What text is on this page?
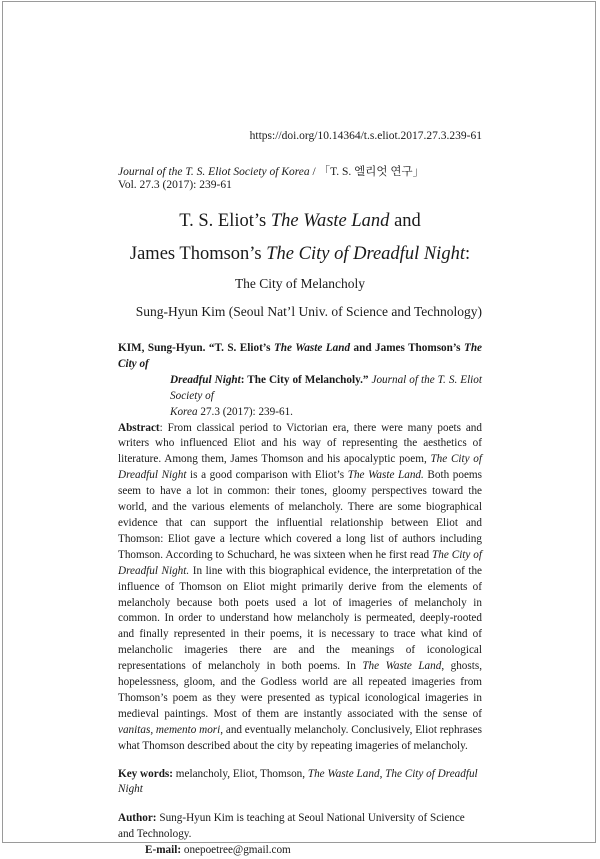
https://doi.org/10.14364/t.s.eliot.2017.27.3.239-61
Journal of the T. S. Eliot Society of Korea / 「T. S. 엘리엇 연구」
Vol. 27.3 (2017): 239-61
T. S. Eliot’s The Waste Land and
James Thomson’s The City of Dreadful Night:
The City of Melancholy
Sung-Hyun Kim (Seoul Nat’l Univ. of Science and Technology)
KIM, Sung-Hyun. “T. S. Eliot’s The Waste Land and James Thomson’s The City of
Dreadful Night: The City of Melancholy.” Journal of the T. S. Eliot Society of
Korea 27.3 (2017): 239-61.
Abstract: From classical period to Victorian era, there were many poets and writers who influenced Eliot and his way of representing the aesthetics of literature. Among them, James Thomson and his apocalyptic poem, The City of Dreadful Night is a good comparison with Eliot’s The Waste Land. Both poems seem to have a lot in common: their tones, gloomy perspectives toward the world, and the various elements of melancholy. There are some biographical evidence that can support the influential relationship between Eliot and Thomson: Eliot gave a lecture which covered a long list of authors including Thomson. According to Schuchard, he was sixteen when he first read The City of Dreadful Night. In line with this biographical evidence, the interpretation of the influence of Thomson on Eliot might primarily derive from the elements of melancholy because both poets used a lot of imageries of melancholy in common. In order to understand how melancholy is permeated, deeply-rooted and finally represented in their poems, it is necessary to trace what kind of melancholic imageries there are and the meanings of iconological representations of melancholy in both poems. In The Waste Land, ghosts, hopelessness, gloom, and the Godless world are all repeated imageries from Thomson’s poem as they were presented as typical iconological imageries in medieval paintings. Most of them are instantly associated with the sense of vanitas, memento mori, and eventually melancholy. Conclusively, Eliot rephrases what Thomson described about the city by repeating imageries of melancholy.
Key words: melancholy, Eliot, Thomson, The Waste Land, The City of Dreadful Night
Author: Sung-Hyun Kim is teaching at Seoul National University of Science and Technology.
E-mail: onepoetree@gmail.com
